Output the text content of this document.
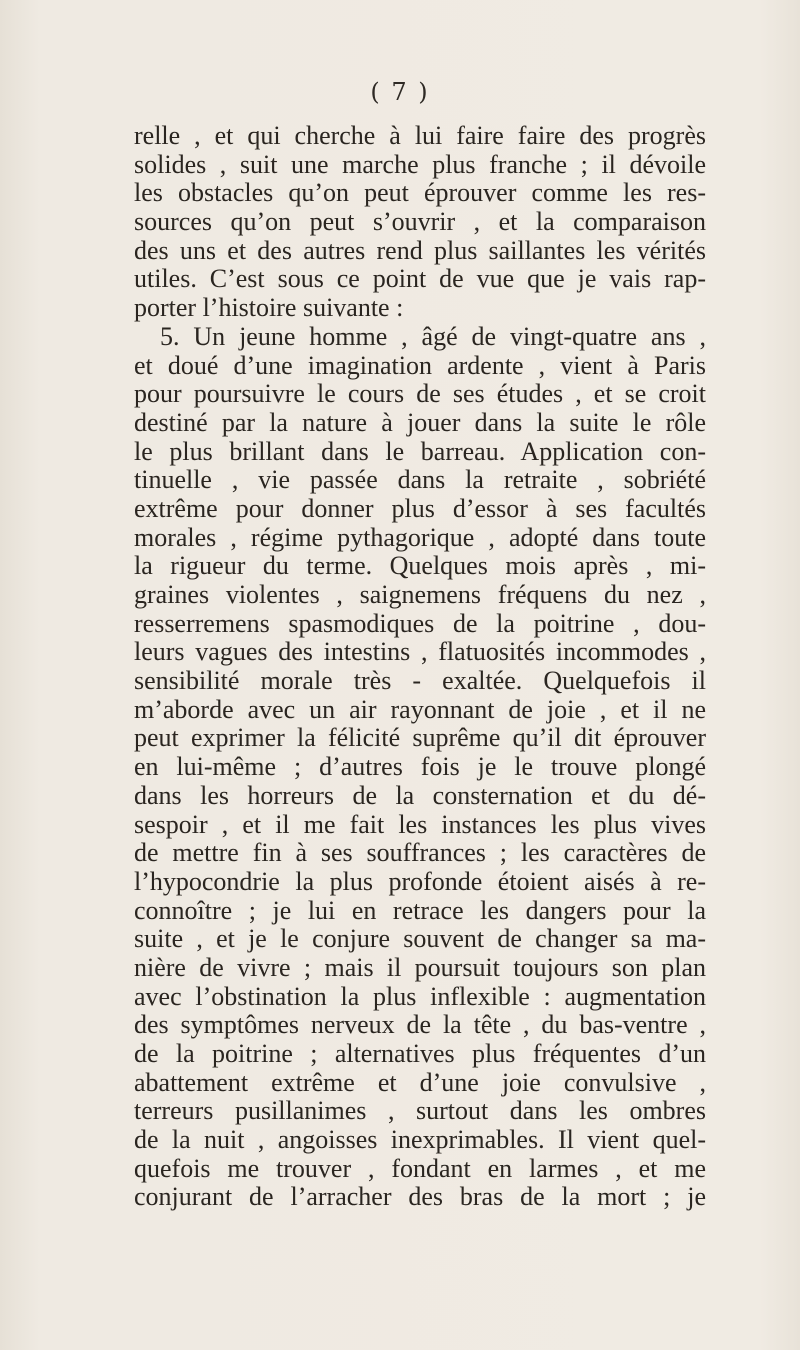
( 7 )
relle , et qui cherche à lui faire faire des progrès
solides , suit une marche plus franche ; il dévoile
les obstacles qu’on peut éprouver comme les res-
sources qu’on peut s’ouvrir , et la comparaison
des uns et des autres rend plus saillantes les vérités
utiles. C’est sous ce point de vue que je vais rap-
porter l’histoire suivante :
5. Un jeune homme , âgé de vingt-quatre ans ,
et doué d’une imagination ardente , vient à Paris
pour poursuivre le cours de ses études , et se croit
destiné par la nature à jouer dans la suite le rôle
le plus brillant dans le barreau. Application con-
tinuelle , vie passée dans la retraite , sobriété
extrême pour donner plus d’essor à ses facultés
morales , régime pythagorique , adopté dans toute
la rigueur du terme. Quelques mois après , mi-
graines violentes , saignemens fréquens du nez ,
resserremens spasmodiques de la poitrine , dou-
leurs vagues des intestins , flatuosités incommodes ,
sensibilité morale très - exaltée. Quelquefois il
m’aborde avec un air rayonnant de joie , et il ne
peut exprimer la félicité suprême qu’il dit éprouver
en lui-même ; d’autres fois je le trouve plongé
dans les horreurs de la consternation et du dé-
sespoir , et il me fait les instances les plus vives
de mettre fin à ses souffrances ; les caractères de
l’hypocondrie la plus profonde étoient aisés à re-
connoître ; je lui en retrace les dangers pour la
suite , et je le conjure souvent de changer sa ma-
nière de vivre ; mais il poursuit toujours son plan
avec l’obstination la plus inflexible : augmentation
des symptômes nerveux de la tête , du bas-ventre ,
de la poitrine ; alternatives plus fréquentes d’un
abattement extrême et d’une joie convulsive ,
terreurs pusillanimes , surtout dans les ombres
de la nuit , angoisses inexprimables. Il vient quel-
quefois me trouver , fondant en larmes , et me
conjurant de l’arracher des bras de la mort ; je
